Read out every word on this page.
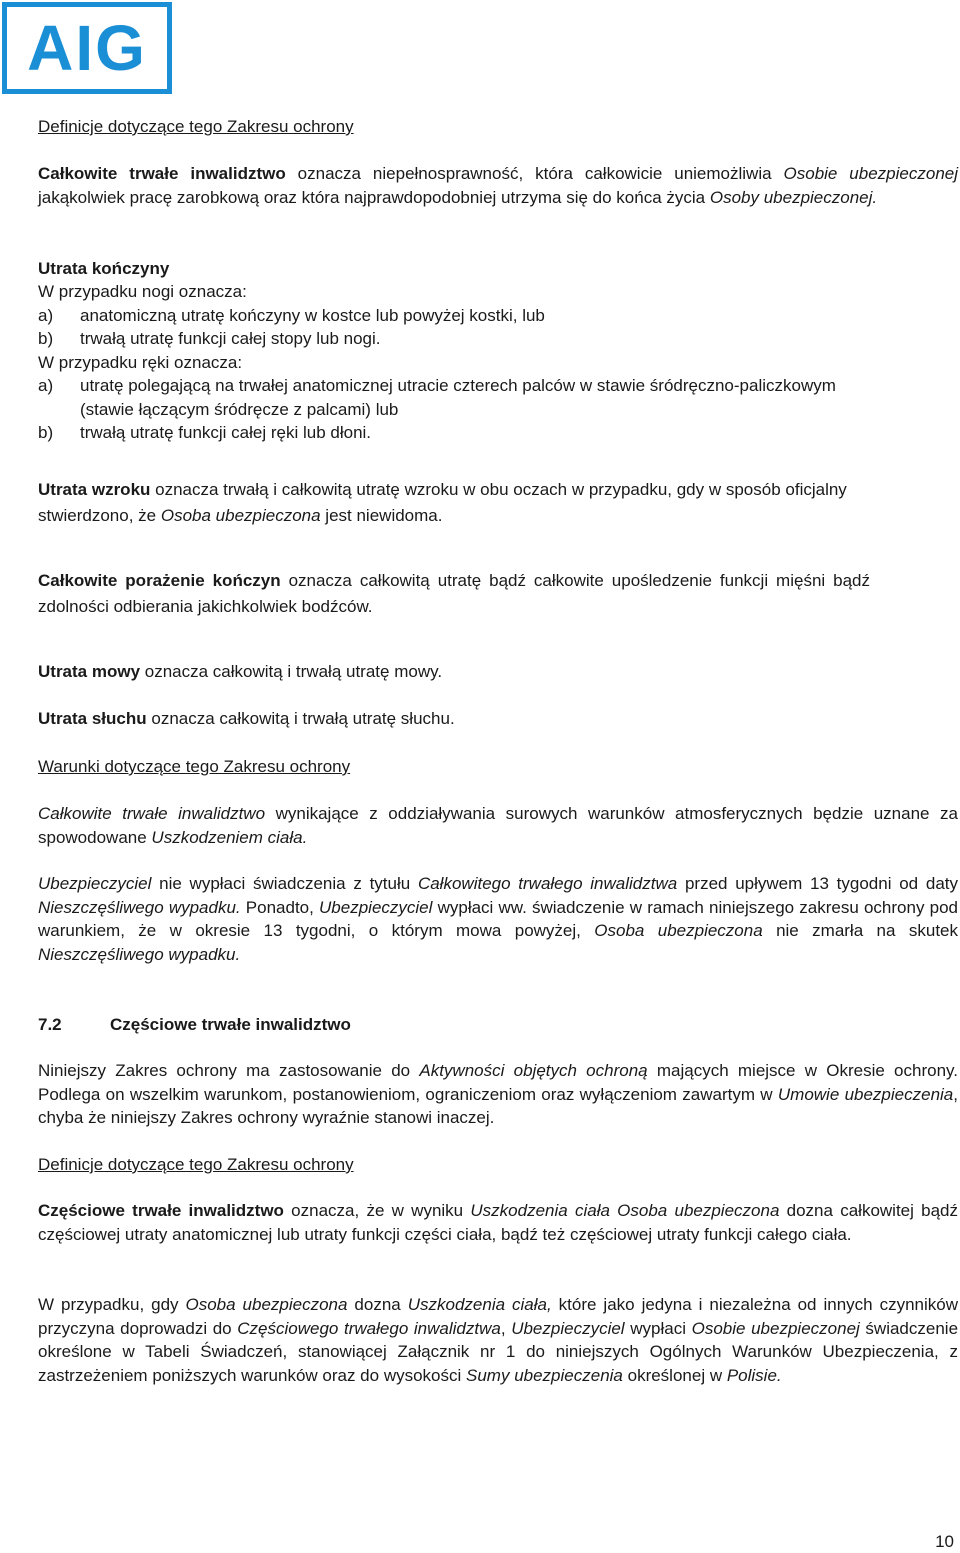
AIG
Definicje dotyczące tego Zakresu ochrony
Całkowite trwałe inwalidztwo oznacza niepełnosprawność, która całkowicie uniemożliwia Osobie ubezpieczonej jakąkolwiek pracę zarobkową oraz która najprawdopodobniej utrzyma się do końca życia Osoby ubezpieczonej.
Utrata kończyny
W przypadku nogi oznacza:
a) anatomiczną utratę kończyny w kostce lub powyżej kostki, lub
b) trwałą utratę funkcji całej stopy lub nogi.
W przypadku ręki oznacza:
a) utratę polegającą na trwałej anatomicznej utracie czterech palców w stawie śródręczno-paliczkowym (stawie łączącym śródręcze z palcami) lub
b) trwałą utratę funkcji całej ręki lub dłoni.
Utrata wzroku oznacza trwałą i całkowitą utratę wzroku w obu oczach w przypadku, gdy w sposób oficjalny stwierdzono, że Osoba ubezpieczona jest niewidoma.
Całkowite porażenie kończyn oznacza całkowitą utratę bądź całkowite upośledzenie funkcji mięśni bądź zdolności odbierania jakichkolwiek bodźców.
Utrata mowy oznacza całkowitą i trwałą utratę mowy.
Utrata słuchu oznacza całkowitą i trwałą utratę słuchu.
Warunki dotyczące tego Zakresu ochrony
Całkowite trwałe inwalidztwo wynikające z oddziaływania surowych warunków atmosferycznych będzie uznane za spowodowane Uszkodzeniem ciała.
Ubezpieczyciel nie wypłaci świadczenia z tytułu Całkowitego trwałego inwalidztwa przed upływem 13 tygodni od daty Nieszczęśliwego wypadku. Ponadto, Ubezpieczyciel wypłaci ww. świadczenie w ramach niniejszego zakresu ochrony pod warunkiem, że w okresie 13 tygodni, o którym mowa powyżej, Osoba ubezpieczona nie zmarła na skutek Nieszczęśliwego wypadku.
7.2	Częściowe trwałe inwalidztwo
Niniejszy Zakres ochrony ma zastosowanie do Aktywności objętych ochroną mających miejsce w Okresie ochrony. Podlega on wszelkim warunkom, postanowieniom, ograniczeniom oraz wyłączeniom zawartym w Umowie ubezpieczenia, chyba że niniejszy Zakres ochrony wyraźnie stanowi inaczej.
Definicje dotyczące tego Zakresu ochrony
Częściowe trwałe inwalidztwo oznacza, że w wyniku Uszkodzenia ciała Osoba ubezpieczona dozna całkowitej bądź częściowej utraty anatomicznej lub utraty funkcji części ciała, bądź też częściowej utraty funkcji całego ciała.
W przypadku, gdy Osoba ubezpieczona dozna Uszkodzenia ciała, które jako jedyna i niezależna od innych czynników przyczyna doprowadzi do Częściowego trwałego inwalidztwa, Ubezpieczyciel wypłaci Osobie ubezpieczonej świadczenie określone w Tabeli Świadczeń, stanowiącej Załącznik nr 1 do niniejszych Ogólnych Warunków Ubezpieczenia, z zastrzeżeniem poniższych warunków oraz do wysokości Sumy ubezpieczenia określonej w Polisie.
10
